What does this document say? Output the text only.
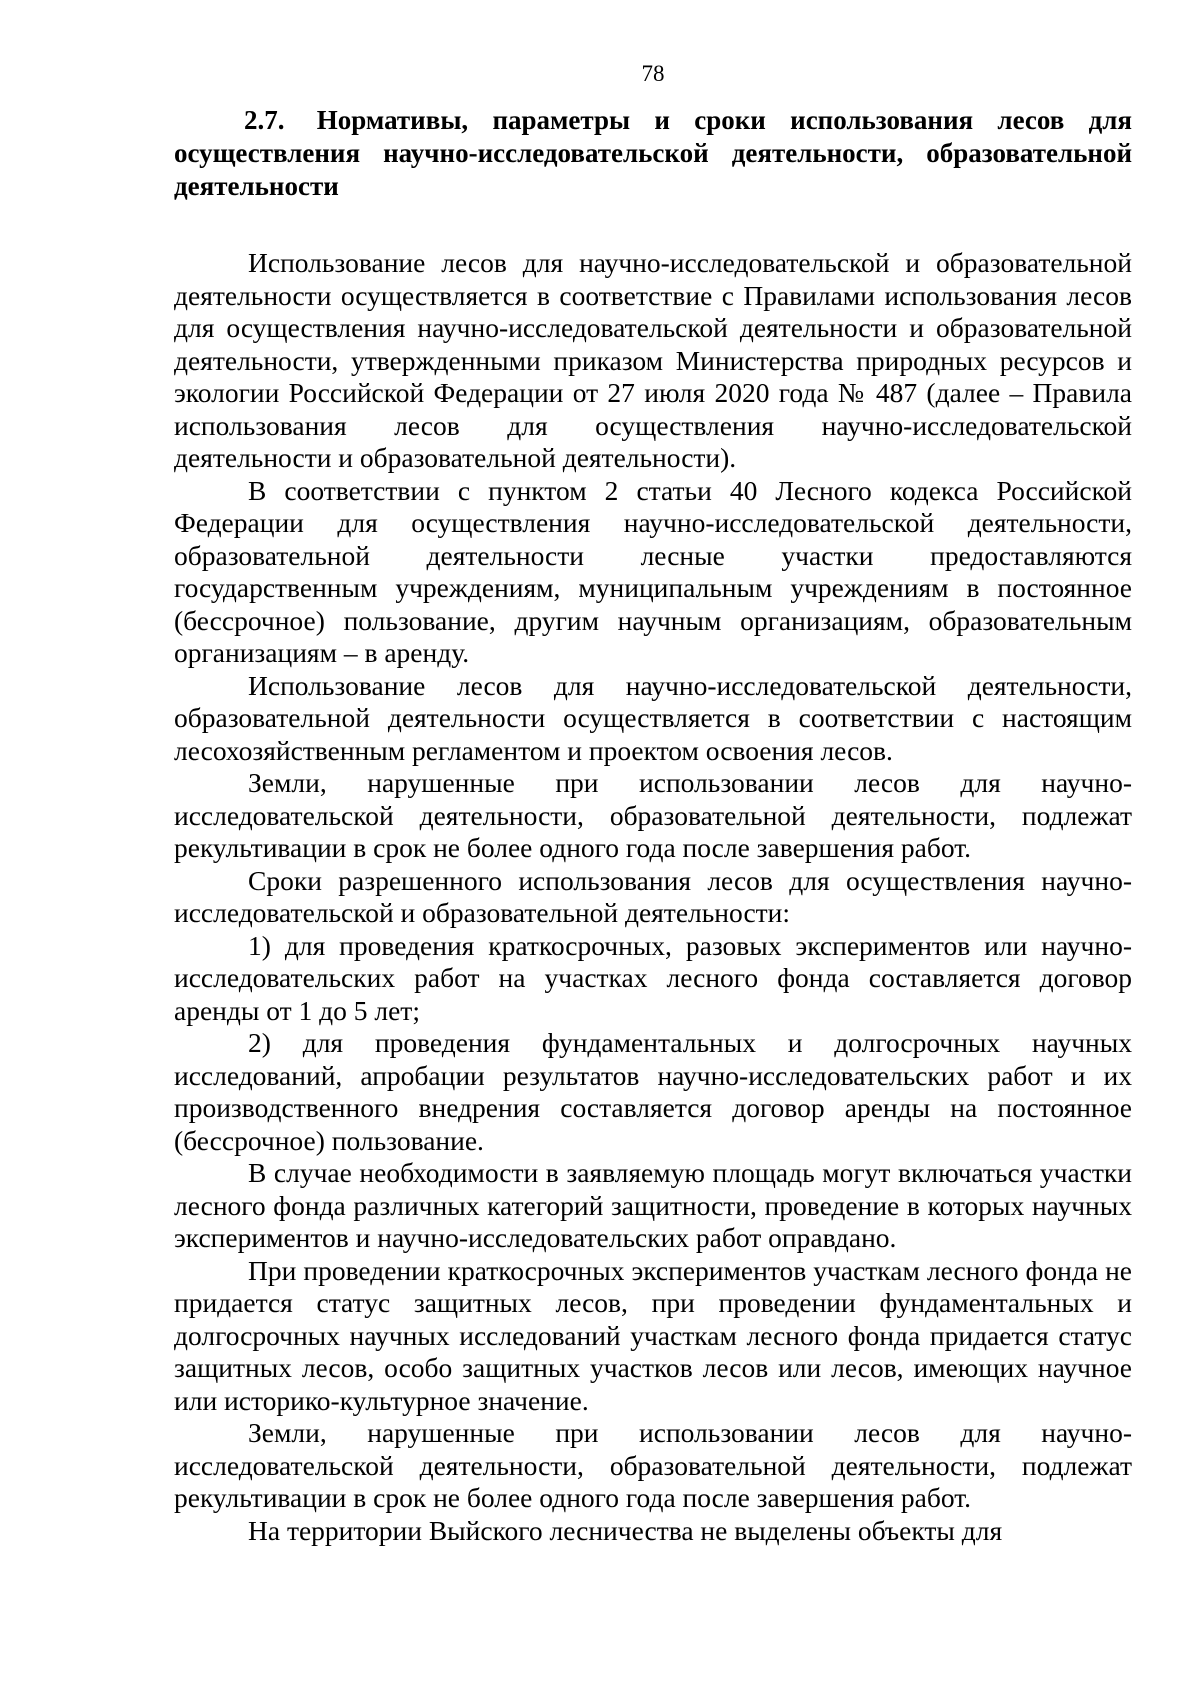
78
2.7. Нормативы, параметры и сроки использования лесов для осуществления научно-исследовательской деятельности, образовательной деятельности

Использование лесов для научно-исследовательской и образовательной деятельности осуществляется в соответствие с Правилами использования лесов для осуществления научно-исследовательской деятельности и образовательной деятельности, утвержденными приказом Министерства природных ресурсов и экологии Российской Федерации от 27 июля 2020 года № 487 (далее – Правила использования лесов для осуществления научно-исследовательской деятельности и образовательной деятельности).

В соответствии с пунктом 2 статьи 40 Лесного кодекса Российской Федерации для осуществления научно-исследовательской деятельности, образовательной деятельности лесные участки предоставляются государственным учреждениям, муниципальным учреждениям в постоянное (бессрочное) пользование, другим научным организациям, образовательным организациям – в аренду.

Использование лесов для научно-исследовательской деятельности, образовательной деятельности осуществляется в соответствии с настоящим лесохозяйственным регламентом и проектом освоения лесов.

Земли, нарушенные при использовании лесов для научно-исследовательской деятельности, образовательной деятельности, подлежат рекультивации в срок не более одного года после завершения работ.

Сроки разрешенного использования лесов для осуществления научно-исследовательской и образовательной деятельности:

1) для проведения краткосрочных, разовых экспериментов или научно-исследовательских работ на участках лесного фонда составляется договор аренды от 1 до 5 лет;

2) для проведения фундаментальных и долгосрочных научных исследований, апробации результатов научно-исследовательских работ и их производственного внедрения составляется договор аренды на постоянное (бессрочное) пользование.

В случае необходимости в заявляемую площадь могут включаться участки лесного фонда различных категорий защитности, проведение в которых научных экспериментов и научно-исследовательских работ оправдано.

При проведении краткосрочных экспериментов участкам лесного фонда не придается статус защитных лесов, при проведении фундаментальных и долгосрочных научных исследований участкам лесного фонда придается статус защитных лесов, особо защитных участков лесов или лесов, имеющих научное или историко-культурное значение.

Земли, нарушенные при использовании лесов для научно-исследовательской деятельности, образовательной деятельности, подлежат рекультивации в срок не более одного года после завершения работ.

На территории Выйского лесничества не выделены объекты для
